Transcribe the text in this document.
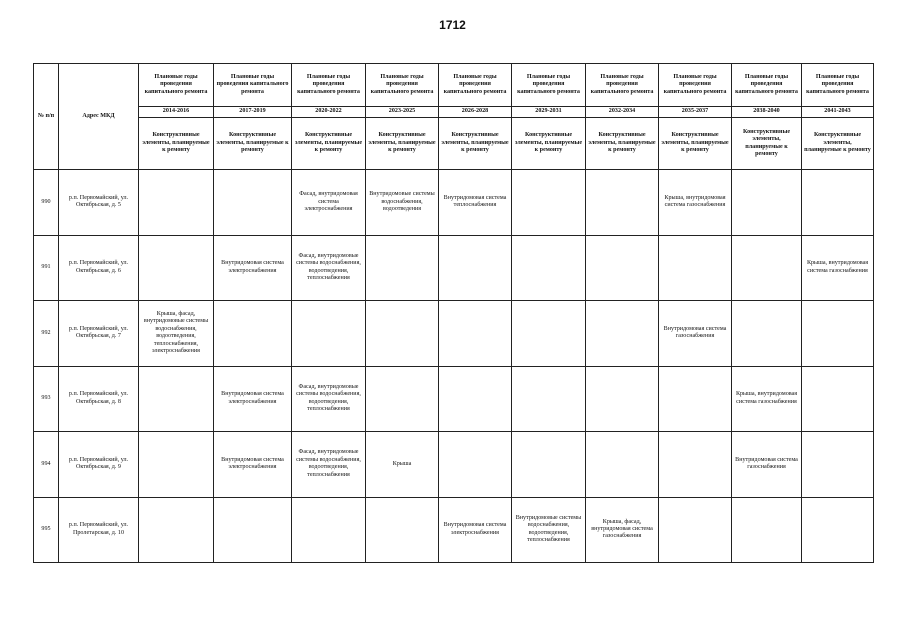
1712
№ п/п	Адрес МКД	Плановые годы проведения капитального ремонта	Плановые годы проведения капитального ремонта	Плановые годы проведения капитального ремонта	Плановые годы проведения капитального ремонта	Плановые годы проведения капитального ремонта	Плановые годы проведения капитального ремонта	Плановые годы проведения капитального ремонта	Плановые годы проведения капитального ремонта	Плановые годы проведения капитального ремонта	Плановые годы проведения капитального ремонта
		2014-2016	2017-2019	2020-2022	2023-2025	2026-2028	2029-2031	2032-2034	2035-2037	2038-2040	2041-2043
		Конструктивные элементы, планируемые к ремонту	Конструктивные элементы, планируемые к ремонту	Конструктивные элементы, планируемые к ремонту	Конструктивные элементы, планируемые к ремонту	Конструктивные элементы, планируемые к ремонту	Конструктивные элементы, планируемые к ремонту	Конструктивные элементы, планируемые к ремонту	Конструктивные элементы, планируемые к ремонту	Конструктивные элементы, планируемые к ремонту	Конструктивные элементы, планируемые к ремонту
990	р.п. Первомайский, ул. Октябрьская, д. 5			Фасад, внутридомовая система электроснабжения	Внутридомовые системы водоснабжения, водоотведения	Внутридомовая система теплоснабжения			Крыша, внутридомовая система газоснабжения		
991	р.п. Первомайский, ул. Октябрьская, д. 6		Внутридомовая система электроснабжения	Фасад, внутридомовые системы водоснабжения, водоотведения, теплоснабжения							Крыша, внутридомовая система газоснабжения
992	р.п. Первомайский, ул. Октябрьская, д. 7	Крыша, фасад, внутридомовые системы водоснабжения, водоотведения, теплоснабжения, электроснабжения							Внутридомовая система газоснабжения		
993	р.п. Первомайский, ул. Октябрьская, д. 8		Внутридомовая система электроснабжения	Фасад, внутридомовые системы водоснабжения, водоотведения, теплоснабжения						Крыша, внутридомовая система газоснабжения	
994	р.п. Первомайский, ул. Октябрьская, д. 9		Внутридомовая система электроснабжения	Фасад, внутридомовые системы водоснабжения, водоотведения, теплоснабжения	Крыша					Внутридомовая система газоснабжения	
995	р.п. Первомайский, ул. Пролетарская, д. 10					Внутридомовая система электроснабжения	Внутридомовые системы водоснабжения, водоотведения, теплоснабжения	Крыша, фасад, внутридомовая система газоснабжения			
